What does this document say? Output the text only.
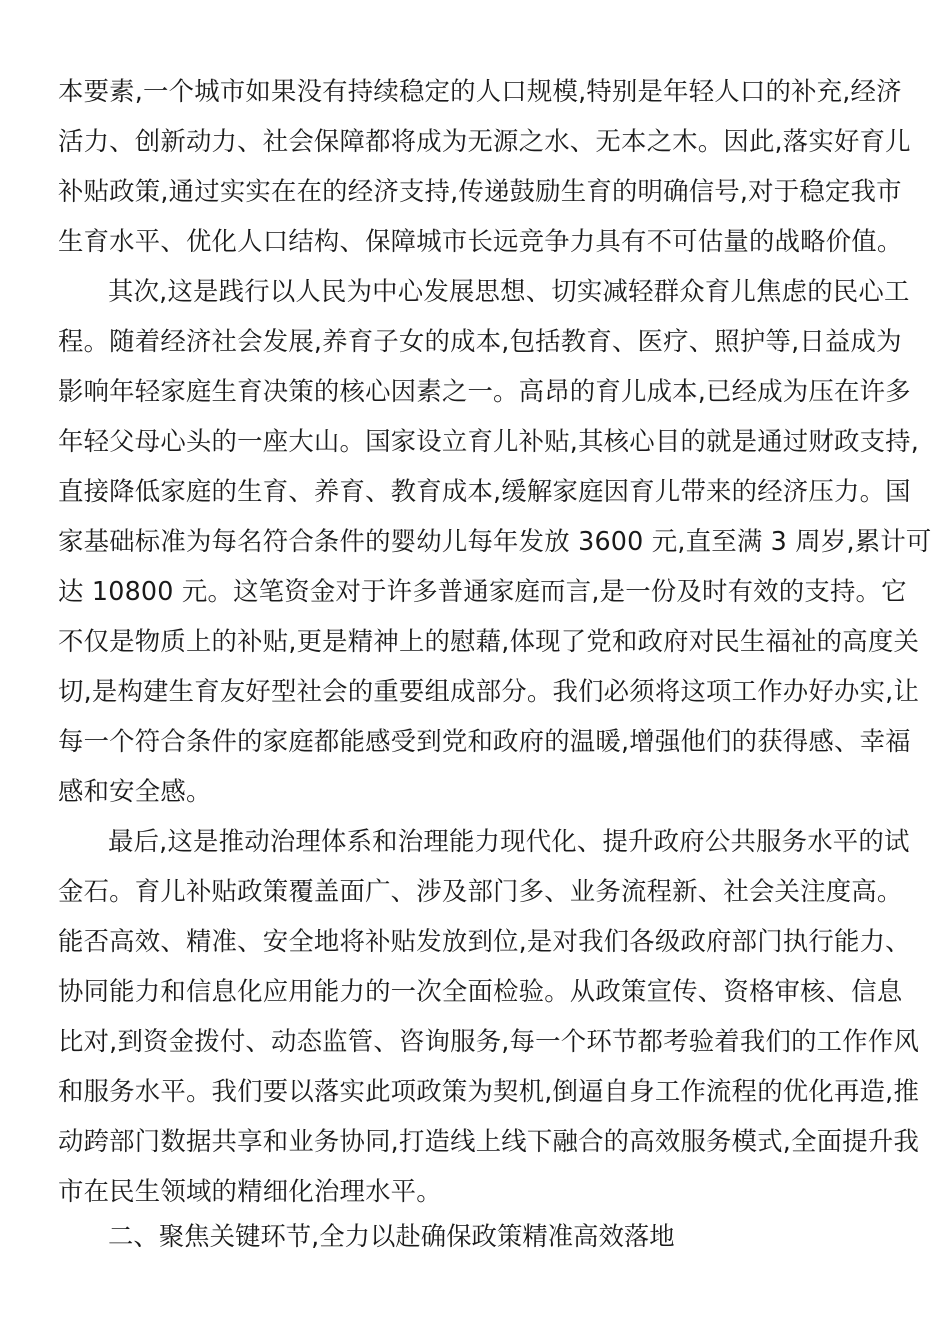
本要素,一个城市如果没有持续稳定的人口规模,特别是年轻人口的补充,经济
活力、创新动力、社会保障都将成为无源之水、无本之木。因此,落实好育儿
补贴政策,通过实实在在的经济支持,传递鼓励生育的明确信号,对于稳定我市
生育水平、优化人口结构、保障城市长远竞争力具有不可估量的战略价值。
其次,这是践行以人民为中心发展思想、切实减轻群众育儿焦虑的民心工
程。随着经济社会发展,养育子女的成本,包括教育、医疗、照护等,日益成为
影响年轻家庭生育决策的核心因素之一。高昂的育儿成本,已经成为压在许多
年轻父母心头的一座大山。国家设立育儿补贴,其核心目的就是通过财政支持,
直接降低家庭的生育、养育、教育成本,缓解家庭因育儿带来的经济压力。国
家基础标准为每名符合条件的婴幼儿每年发放 3600 元,直至满 3 周岁,累计可
达 10800 元。这笔资金对于许多普通家庭而言,是一份及时有效的支持。它
不仅是物质上的补贴,更是精神上的慰藉,体现了党和政府对民生福祉的高度关
切,是构建生育友好型社会的重要组成部分。我们必须将这项工作办好办实,让
每一个符合条件的家庭都能感受到党和政府的温暖,增强他们的获得感、幸福
感和安全感。
最后,这是推动治理体系和治理能力现代化、提升政府公共服务水平的试
金石。育儿补贴政策覆盖面广、涉及部门多、业务流程新、社会关注度高。
能否高效、精准、安全地将补贴发放到位,是对我们各级政府部门执行能力、
协同能力和信息化应用能力的一次全面检验。从政策宣传、资格审核、信息
比对,到资金拨付、动态监管、咨询服务,每一个环节都考验着我们的工作作风
和服务水平。我们要以落实此项政策为契机,倒逼自身工作流程的优化再造,推
动跨部门数据共享和业务协同,打造线上线下融合的高效服务模式,全面提升我
市在民生领域的精细化治理水平。
二、聚焦关键环节,全力以赴确保政策精准高效落地
